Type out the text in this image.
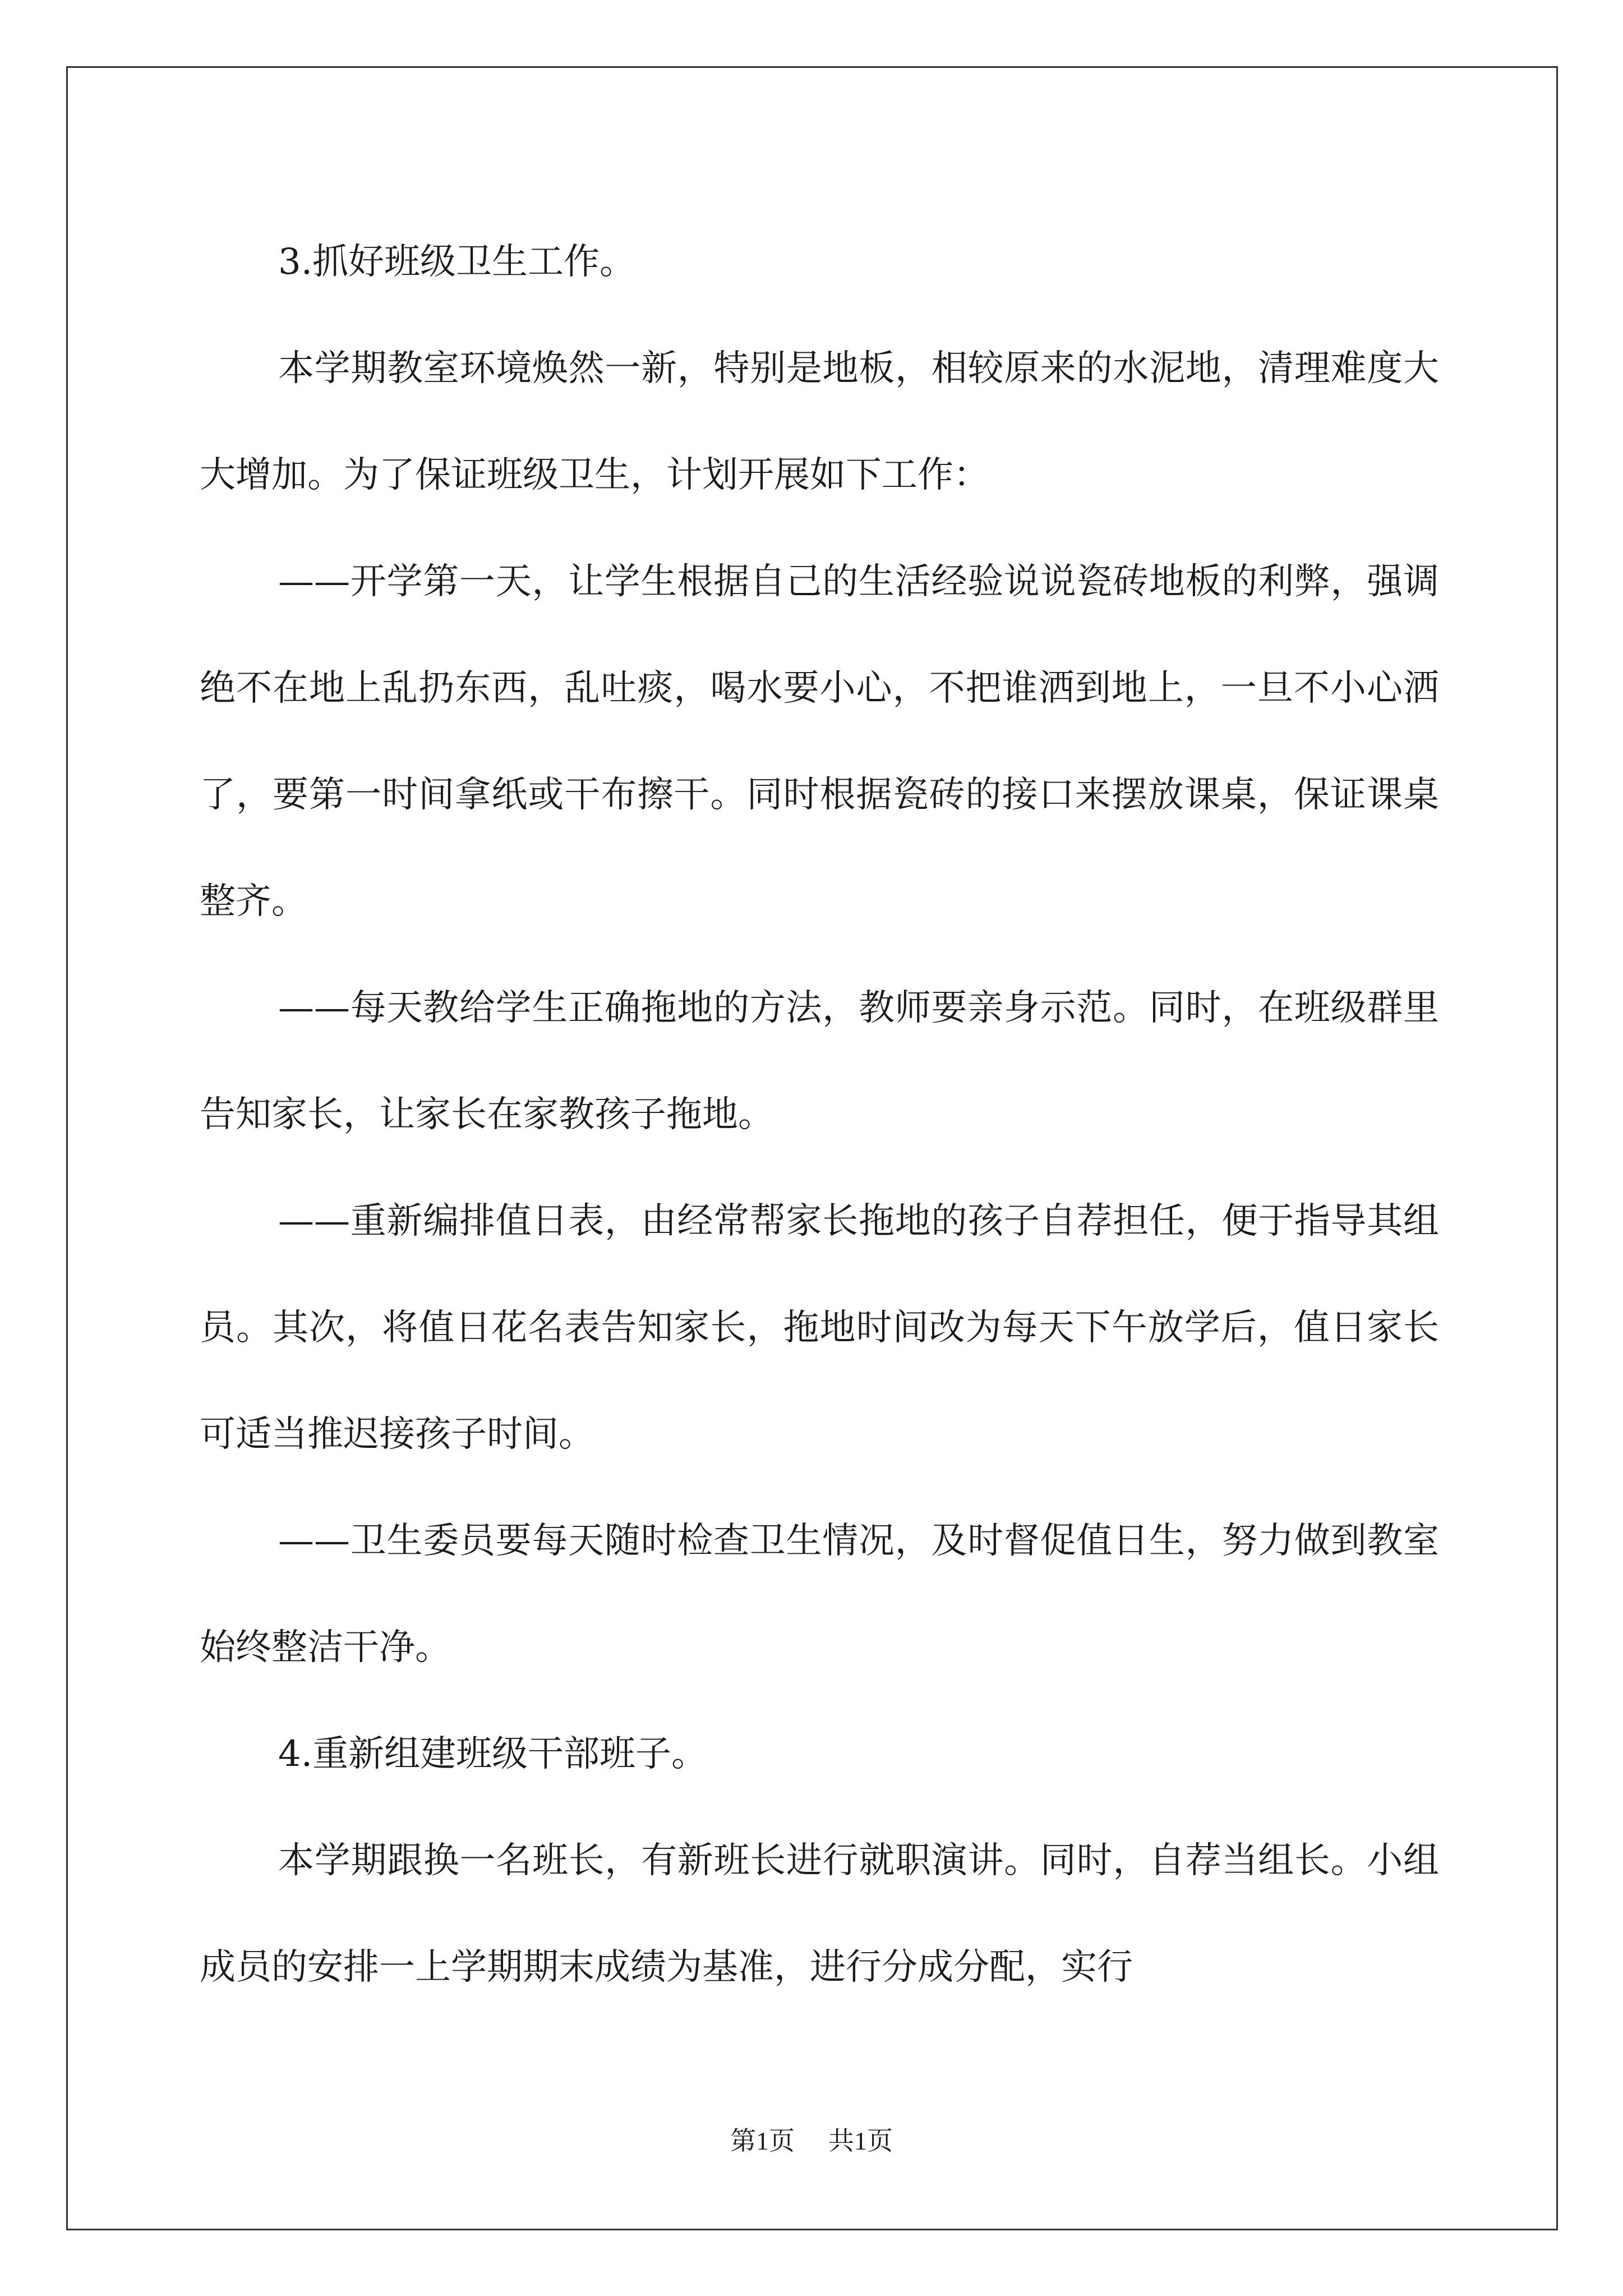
3.抓好班级卫生工作。

本学期教室环境焕然一新，特别是地板，相较原来的水泥地，清理难度大大增加。为了保证班级卫生，计划开展如下工作：

——开学第一天，让学生根据自己的生活经验说说瓷砖地板的利弊，强调绝不在地上乱扔东西，乱吐痰，喝水要小心，不把谁洒到地上，一旦不小心洒了，要第一时间拿纸或干布擦干。同时根据瓷砖的接口来摆放课桌，保证课桌整齐。

——每天教给学生正确拖地的方法，教师要亲身示范。同时，在班级群里告知家长，让家长在家教孩子拖地。

——重新编排值日表，由经常帮家长拖地的孩子自荐担任，便于指导其组员。其次，将值日花名表告知家长，拖地时间改为每天下午放学后，值日家长可适当推迟接孩子时间。

——卫生委员要每天随时检查卫生情况，及时督促值日生，努力做到教室始终整洁干净。

4.重新组建班级干部班子。

本学期跟换一名班长，有新班长进行就职演讲。同时，自荐当组长。小组成员的安排一上学期期末成绩为基准，进行分成分配，实行

第1页 共1页
